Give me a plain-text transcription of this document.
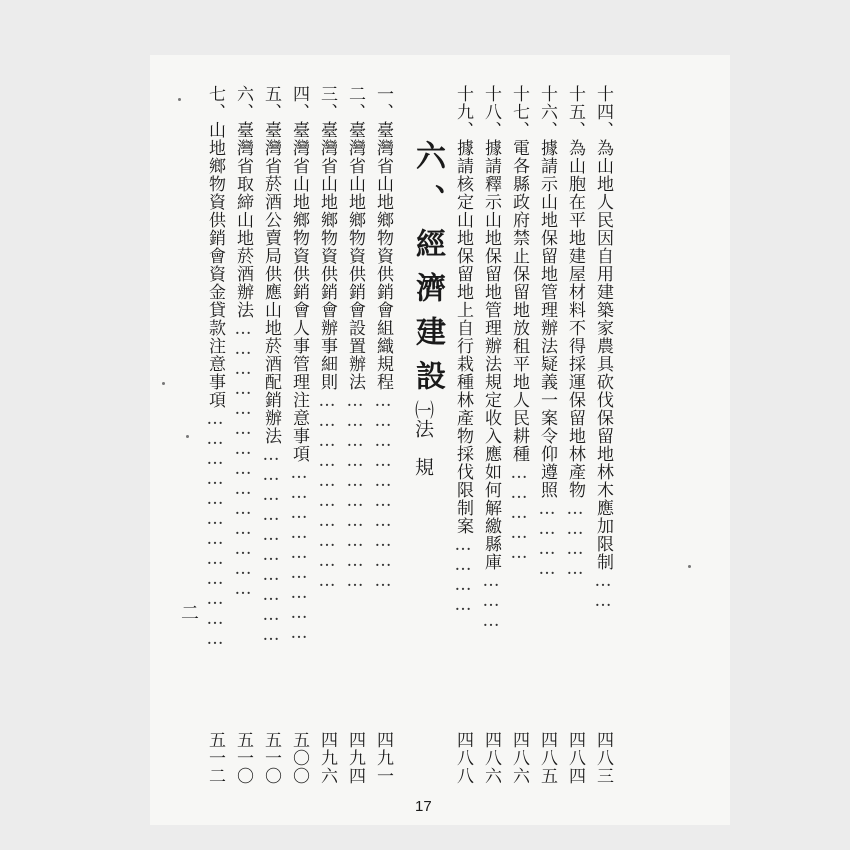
十四、為山地人民因自用建築家農具砍伐保留地林木應加限制……
四八三
十五、為山胞在平地建屋材料不得採運保留地林產物…………
四八四
十六、據請示山地保留地管理辦法疑義一案令仰遵照…………
四八五
十七、電各縣政府禁止保留地放租平地人民耕種……………
四八六
十八、據請釋示山地保留地管理辦法規定收入應如何解繳縣庫………
四八六
十九、據請核定山地保留地上自行栽種林產物採伐限制案…………
四八八
六、經濟建設
㈠法　規
一、臺灣省山地鄉物資供銷會組織規程…………………………
四九一
二、臺灣省山地鄉物資供銷會設置辦法…………………………
四九四
三、臺灣省山地鄉物資供銷會辦事細則…………………………
四九六
四、臺灣省山地鄉物資供銷會人事管理注意事項………………………
五〇〇
五、臺灣省菸酒公賣局供應山地菸酒配銷辦法…………………………
五一〇
六、臺灣省取締山地菸酒辦法……………………………………
五一〇
七、山地鄉物資供銷會資金貸款注意事項………………………………
五一二
二
17
